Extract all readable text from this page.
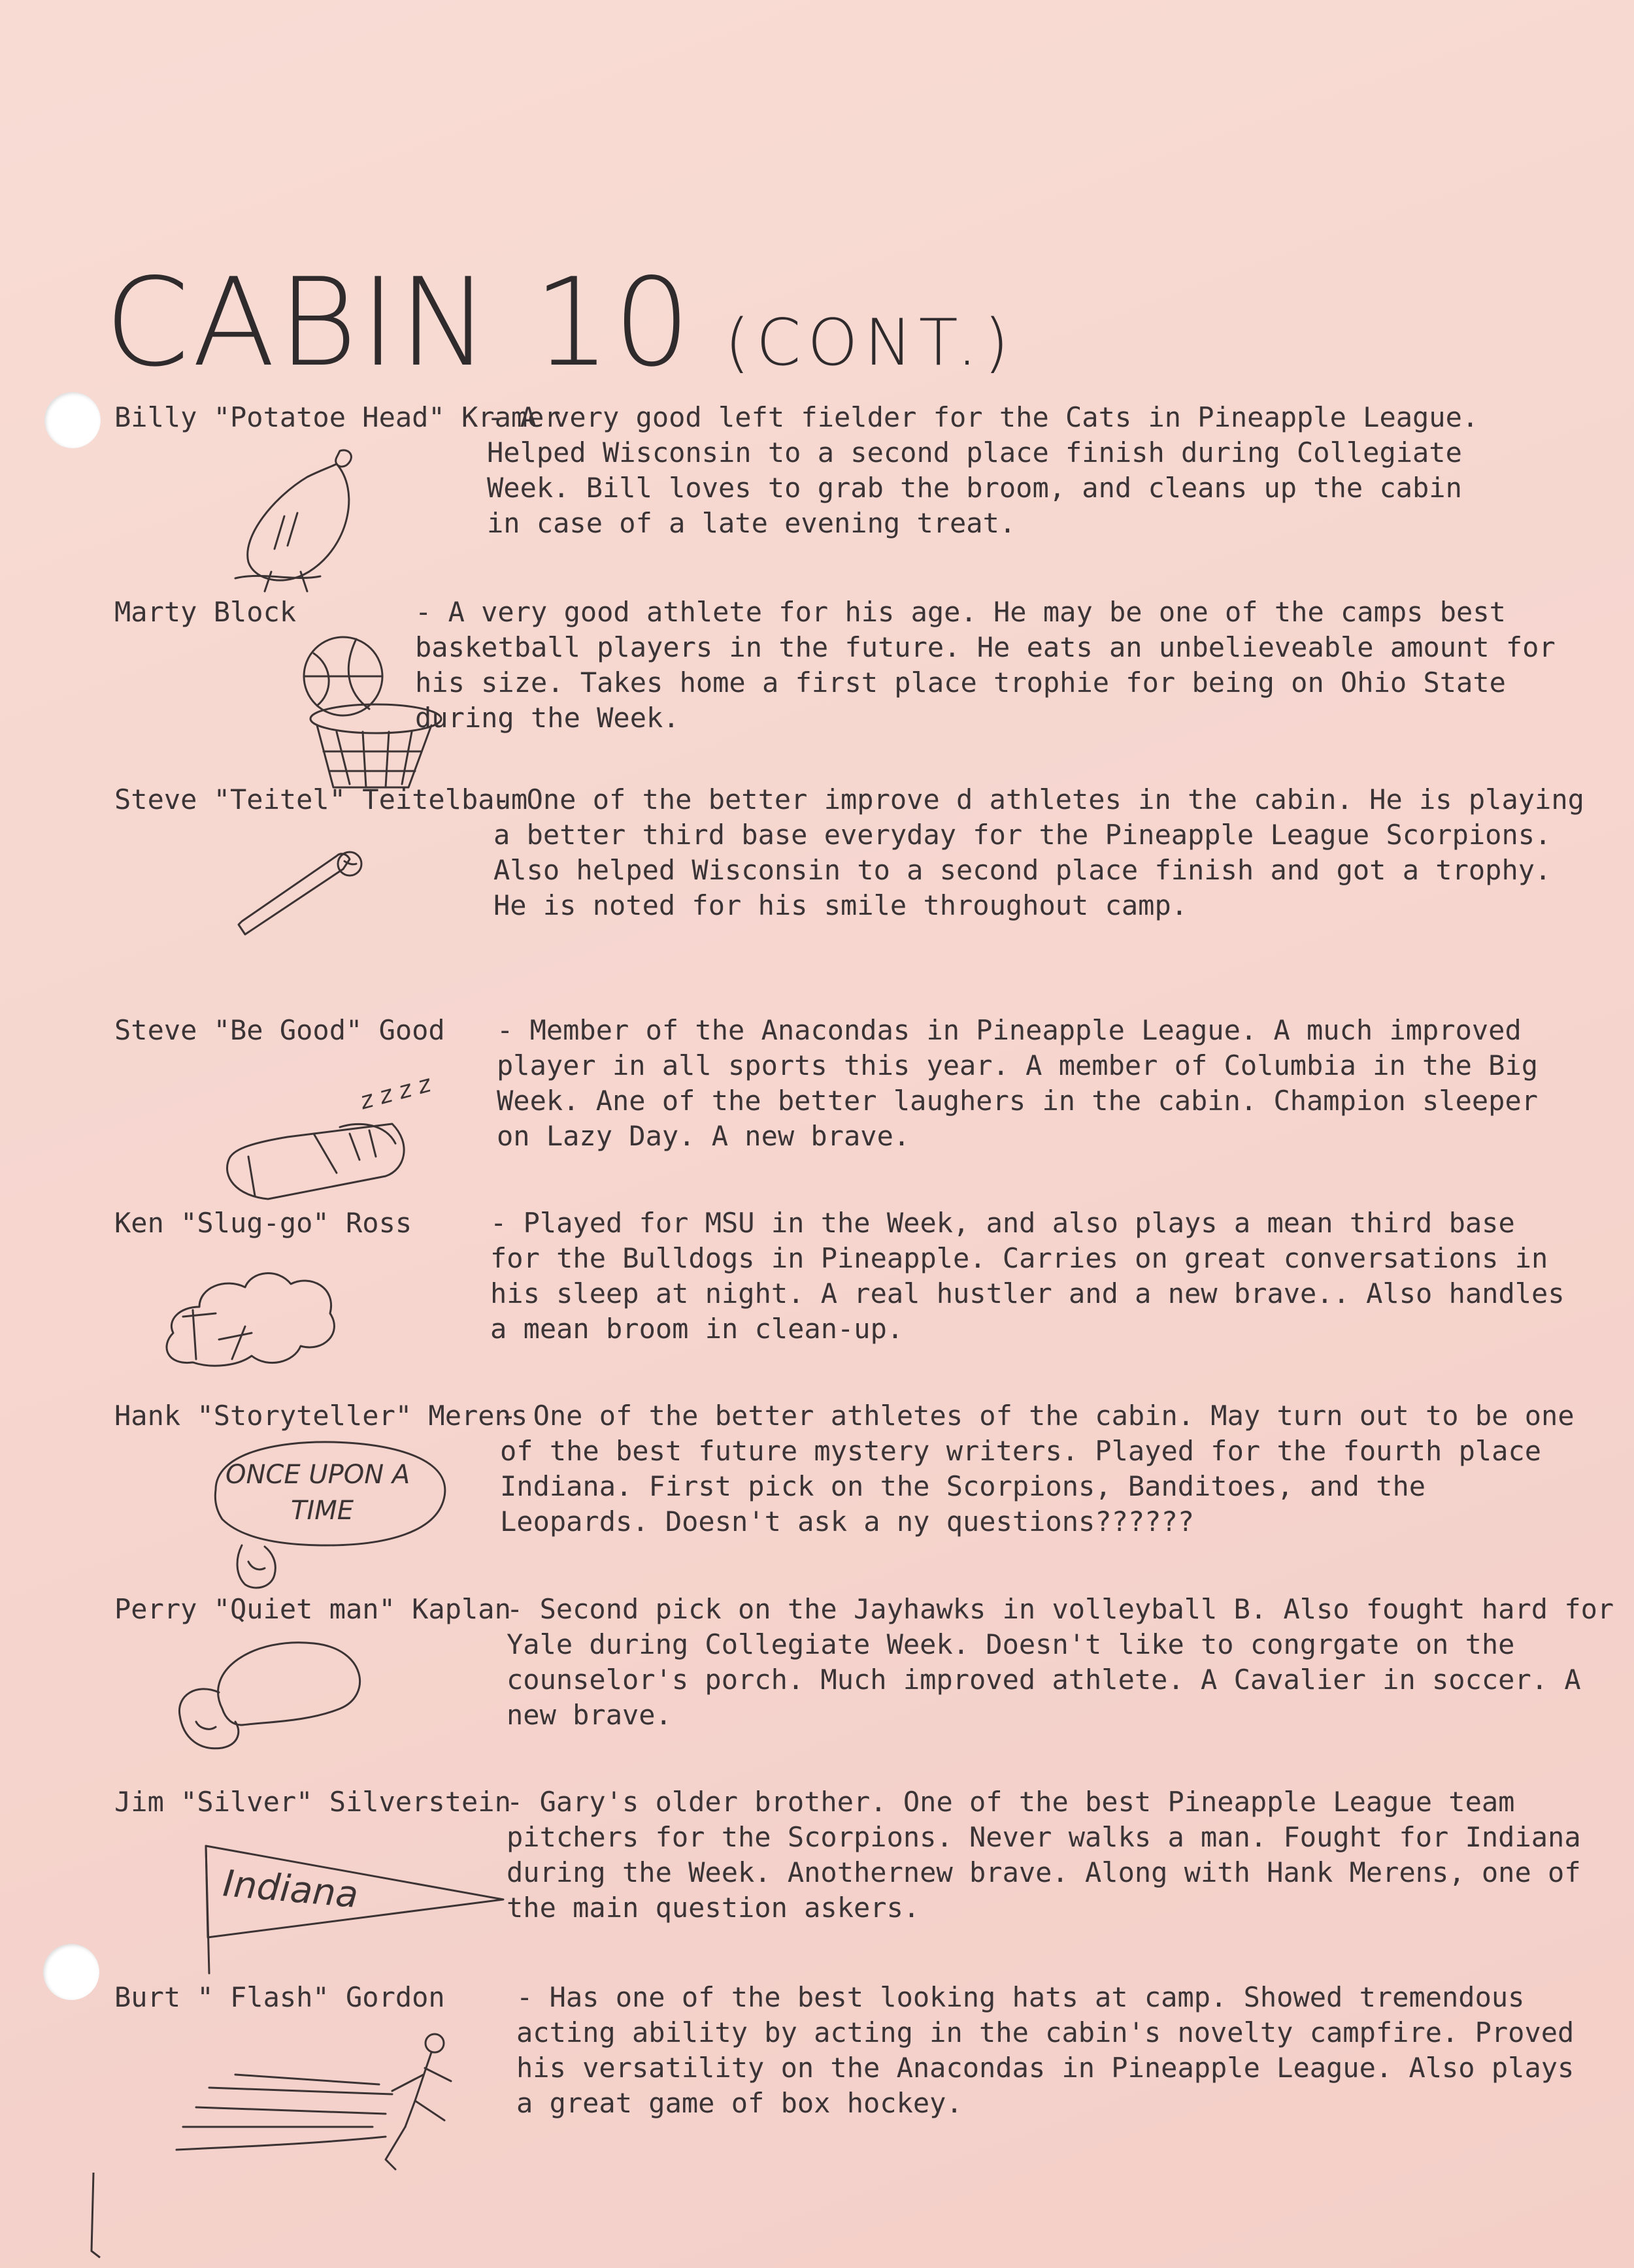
CABIN 10 (CONT.)
Billy "Potatoe Head" Kramer
- A very good left fielder for the Cats in Pineapple League. Helped Wisconsin to a second place finish during Collegiate Week. Bill loves to grab the broom, and cleans up the cabin in case of a late evening treat.
Marty Block	- A very good athlete for his age. He may be one of the camps best basketball players in the future. He eats an unbelieveable amount for his size. Takes home a first place trophie for being on Ohio State during the Week.
Steve "Teitel" Teitelbaum
- One of the better improve d athletes in the cabin. He is playing a better third base everyday for the Pineapple League Scorpions. Also helped Wisconsin to a second place finish and got a trophy. He is noted for his smile throughout camp.
Steve "Be Good" Good	- Member of the Anacondas in Pineapple League. A much improved player in all sports this year. A member of Columbia in the Big Week. Ane of the better laughers in the cabin. Champion sleeper on Lazy Day. A new brave.
z z z z
Ken "Slug-go" Ross	- Played for MSU in the Week, and also plays a mean third base for the Bulldogs in Pineapple. Carries on great conversations in his sleep at night. A real hustler and a new brave.. Also handles a mean broom in clean-up.
Hank "Storyteller" Merens
- One of the better athletes of the cabin. May turn out to be one of the best future mystery writers. Played for the fourth place Indiana. First pick on the Scorpions, Banditoes, and the Leopards. Doesn't ask a ny questions??????
ONCE UPON A
TIME
Perry "Quiet man" Kaplan
- Second pick on the Jayhawks in volleyball B. Also fought hard for Yale during Collegiate Week. Doesn't like to congrgate on the counselor's porch. Much improved athlete. A Cavalier in soccer. A new brave.
Jim "Silver" Silverstein
- Gary's older brother. One of the best Pineapple League team pitchers for the Scorpions. Never walks a man. Fought for Indiana during the Week. Anothernew brave. Along with Hank Merens, one of the main question askers.
Indiana
Burt " Flash" Gordon	- Has one of the best looking hats at camp. Showed tremendous acting ability by acting in the cabin's novelty campfire. Proved his versatility on the Anacondas in Pineapple League. Also plays a great game of box hockey.
